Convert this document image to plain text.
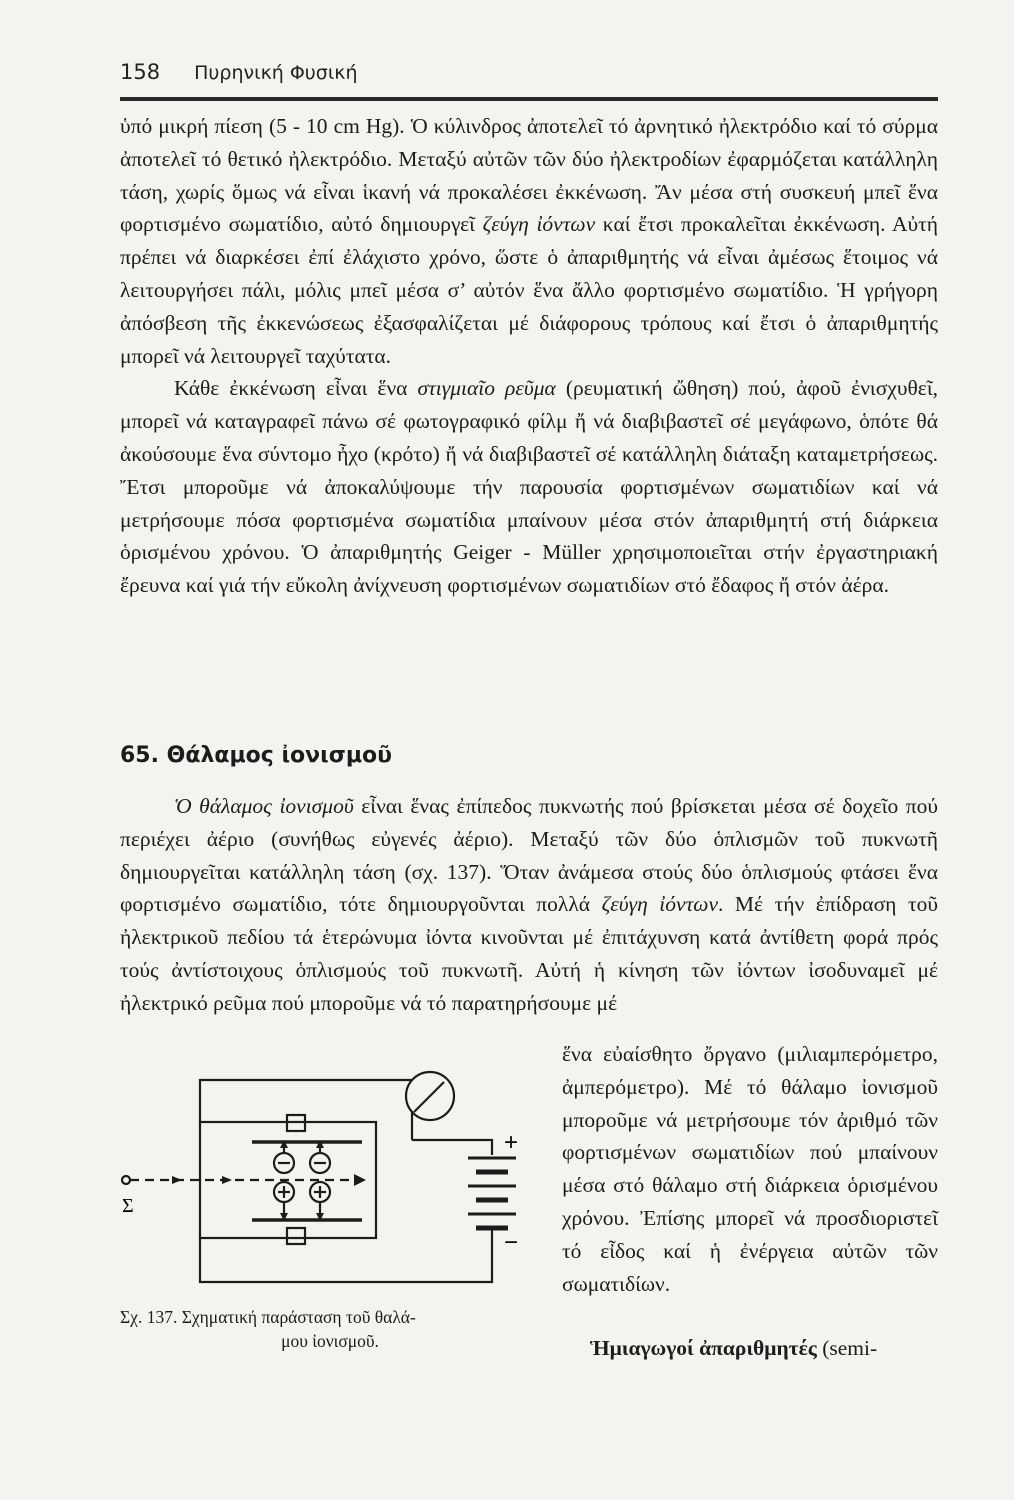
158 Πυρηνική Φυσική

ὑπό μικρή πίεση (5 - 10 cm Hg). Ὁ κύλινδρος ἀποτελεῖ τό ἀρνητικό ἠλεκτρόδιο καί τό σύρμα ἀποτελεῖ τό θετικό ἠλεκτρόδιο. Μεταξύ αὐτῶν τῶν δύο ἠλεκτροδίων ἐφαρμόζεται κατάλληλη τάση, χωρίς ὅμως νά εἶναι ἱκανή νά προκαλέσει ἐκκένωση. Ἄν μέσα στή συσκευή μπεῖ ἕνα φορτισμένο σωματίδιο, αὐτό δημιουργεῖ ζεύγη ἰόντων καί ἔτσι προκαλεῖται ἐκκένωση. Αὐτή πρέπει νά διαρκέσει ἐπί ἐλάχιστο χρόνο, ὥστε ὁ ἀπαριθμητής νά εἶναι ἀμέσως ἕτοιμος νά λειτουργήσει πάλι, μόλις μπεῖ μέσα σ’ αὐτόν ἕνα ἄλλο φορτισμένο σωματίδιο. Ἡ γρήγορη ἀπόσβεση τῆς ἐκκενώσεως ἐξασφαλίζεται μέ διάφορους τρόπους καί ἔτσι ὁ ἀπαριθμητής μπορεῖ νά λειτουργεῖ ταχύτατα.

Κάθε ἐκκένωση εἶναι ἕνα στιγμιαῖο ρεῦμα (ρευματική ὤθηση) πού, ἀφοῦ ἐνισχυθεῖ, μπορεῖ νά καταγραφεῖ πάνω σέ φωτογραφικό φίλμ ἤ νά διαβιβαστεῖ σέ μεγάφωνο, ὁπότε θά ἀκούσουμε ἕνα σύντομο ἦχο (κρότο) ἤ νά διαβιβαστεῖ σέ κατάλληλη διάταξη καταμετρήσεως. Ἔτσι μποροῦμε νά ἀποκαλύψουμε τήν παρουσία φορτισμένων σωματιδίων καί νά μετρήσουμε πόσα φορτισμένα σωματίδια μπαίνουν μέσα στόν ἀπαριθμητή στή διάρκεια ὁρισμένου χρόνου. Ὁ ἀπαριθμητής Geiger - Müller χρησιμοποιεῖται στήν ἐργαστηριακή ἔρευνα καί γιά τήν εὔκολη ἀνίχνευση φορτισμένων σωματιδίων στό ἔδαφος ἤ στόν ἀέρα.

65. Θάλαμος ἰονισμοῦ

Ὁ θάλαμος ἰονισμοῦ εἶναι ἕνας ἐπίπεδος πυκνωτής πού βρίσκεται μέσα σέ δοχεῖο πού περιέχει ἀέριο (συνήθως εὐγενές ἀέριο). Μεταξύ τῶν δύο ὁπλισμῶν τοῦ πυκνωτῆ δημιουργεῖται κατάλληλη τάση (σχ. 137). Ὅταν ἀνάμεσα στούς δύο ὁπλισμούς φτάσει ἕνα φορτισμένο σωματίδιο, τότε δημιουργοῦνται πολλά ζεύγη ἰόντων. Μέ τήν ἐπίδραση τοῦ ἠλεκτρικοῦ πεδίου τά ἑτερώνυμα ἰόντα κινοῦνται μέ ἐπιτάχυνση κατά ἀντίθετη φορά πρός τούς ἀντίστοιχους ὁπλισμούς τοῦ πυκνωτῆ. Αὐτή ἡ κίνηση τῶν ἰόντων ἰσοδυναμεῖ μέ ἠλεκτρικό ρεῦμα πού μποροῦμε νά τό παρατηρήσουμε μέ

ἕνα εὐαίσθητο ὄργανο (μιλιαμπερόμετρο, ἀμπερόμετρο). Μέ τό θάλαμο ἰονισμοῦ μποροῦμε νά μετρήσουμε τόν ἀριθμό τῶν φορτισμένων σωματιδίων πού μπαίνουν μέσα στό θάλαμο στή διάρκεια ὁρισμένου χρόνου. Ἐπίσης μπορεῖ νά προσδιοριστεῖ τό εἶδος καί ἡ ἐνέργεια αὐτῶν τῶν σωματιδίων.

Σ
+
−
Σχ. 137. Σχηματική παράσταση τοῦ θαλά-
μου ἰονισμοῦ.	Ἡμιαγωγοί ἀπαριθμητές (semi-
